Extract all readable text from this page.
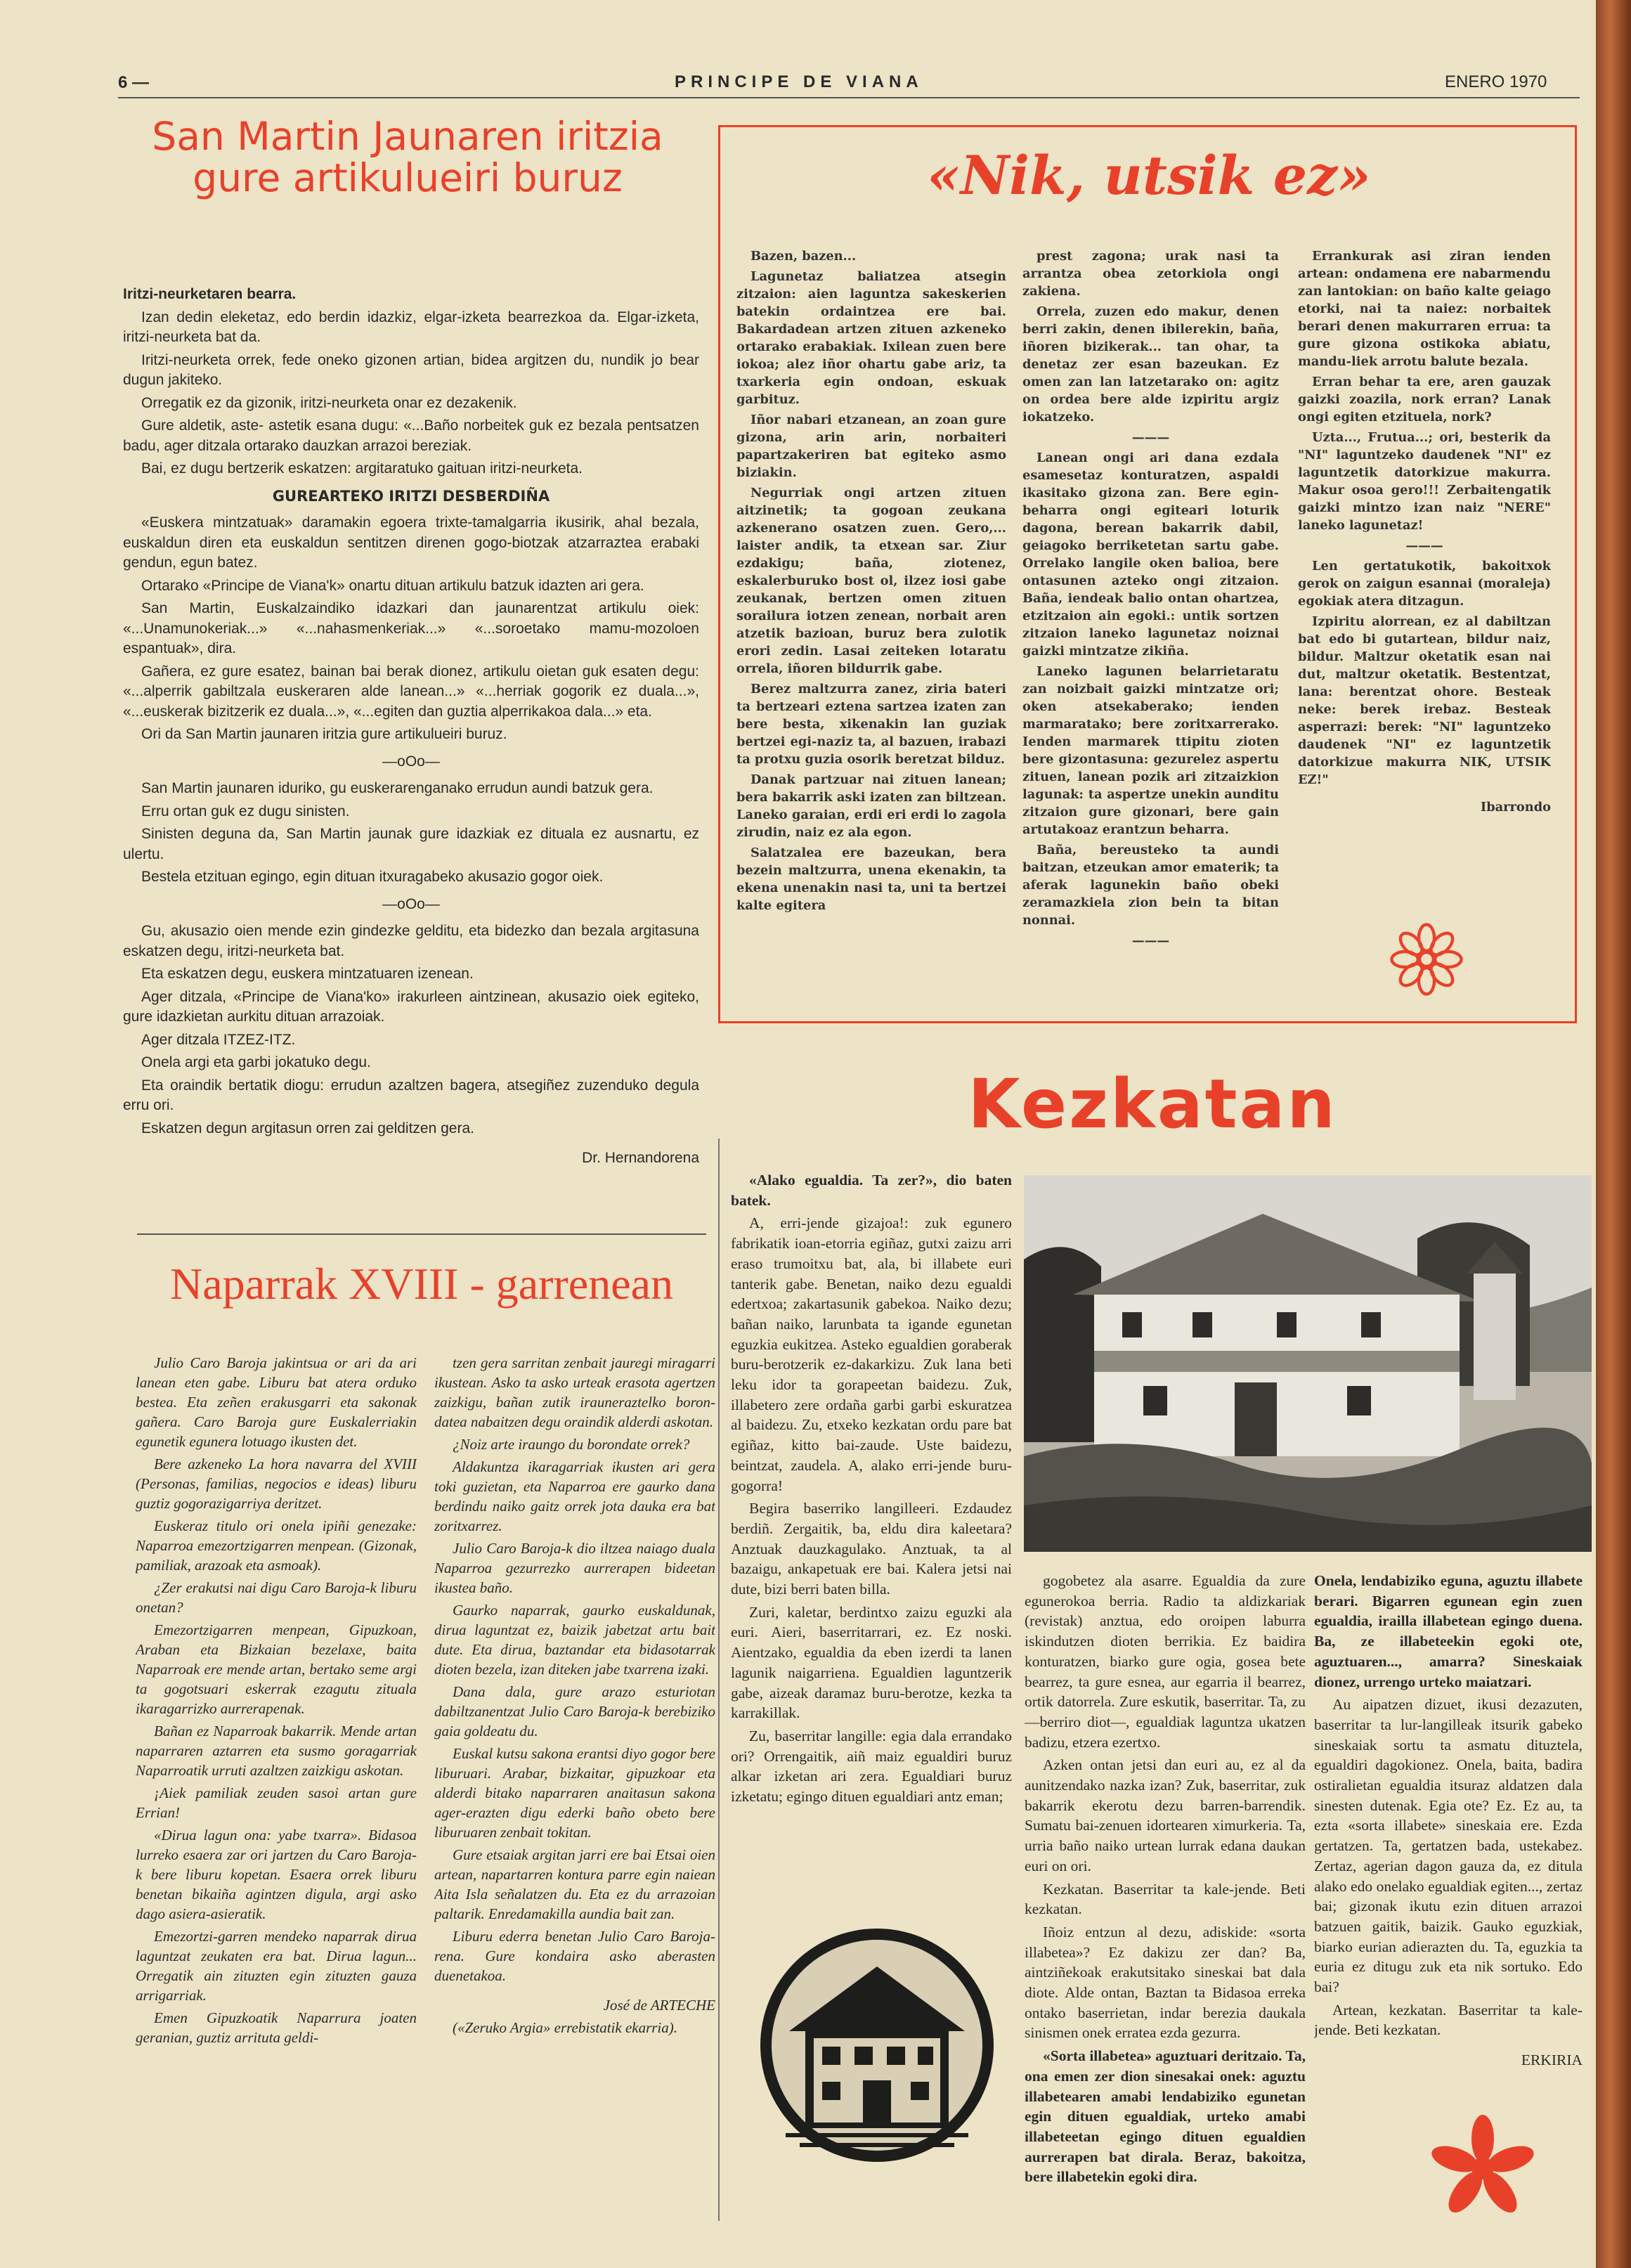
6 —	PRINCIPE DE VIANA	ENERO 1970
San Martin Jaunaren iritzia gure artikulueiri buruz

Iritzi-neurketaren bearra.

Izan dedin eleketaz, edo berdin idazkiz, elgar-izketa bearrezkoa da. Elgar-izketa, iritzi-neurketa bat da.

Iritzi-neurketa orrek, fede oneko gizonen artian, bidea argitzen du, nundik jo bear dugun jakiteko.

Orregatik ez da gizonik, iritzi-neurketa onar ez dezakenik.

Gure aldetik, aste- astetik esana dugu: «...Baño norbeitek guk ez bezala pentsatzen badu, ager ditzala ortarako dauzkan arrazoi bereziak.

Bai, ez dugu bertzerik eskatzen: argitaratuko gaituan iritzi-neurketa.

GUREARTEKO IRITZI DESBERDIÑA

«Euskera mintzatuak» daramakin egoera trixte-tamalgarria ikusirik, ahal bezala, euskaldun diren eta euskaldun sentitzen direnen gogo-biotzak atzarraztea erabaki gendun, egun batez.

Ortarako «Principe de Viana'k» onartu dituan artikulu batzuk idazten ari gera.

San Martin, Euskalzaindiko idazkari dan jaunarentzat artikulu oiek: «...Unamunokeriak...» «...nahasmenkeriak...» «...soroetako mamu-mozoloen espantuak», dira.

Gañera, ez gure esatez, bainan bai berak dionez, artikulu oietan guk esaten degu: «...alperrik gabiltzala euskeraren alde lanean...» «...herriak gogorik ez duala...», «...euskerak bizitzerik ez duala...», «...egiten dan guztia alperrikakoa dala...» eta.

Ori da San Martin jaunaren iritzia gure artikulueiri buruz.

—oOo—

San Martin jaunaren iduriko, gu euskerarenganako errudun aundi batzuk gera.

Erru ortan guk ez dugu sinisten.

Sinisten deguna da, San Martin jaunak gure idazkiak ez dituala ez ausnartu, ez ulertu.

Bestela etzituan egingo, egin dituan itxuragabeko akusazio gogor oiek.

—oOo—

Gu, akusazio oien mende ezin gindezke gelditu, eta bidezko dan bezala argitasuna eskatzen degu, iritzi-neurketa bat.

Eta eskatzen degu, euskera mintzatuaren izenean.

Ager ditzala, «Principe de Viana'ko» irakurleen aintzinean, akusazio oiek egiteko, gure idazkietan aurkitu dituan arrazoiak.

Ager ditzala ITZEZ-ITZ.

Onela argi eta garbi jokatuko degu.

Eta oraindik bertatik diogu: errudun azaltzen bagera, atsegiñez zuzenduko degula erru ori.

Eskatzen degun argitasun orren zai gelditzen gera.

Dr. Hernandorena

«Nik, utsik ez»

Bazen, bazen...

Lagunetaz baliatzea atsegin zitzaion: aien laguntza sakeskerien batekin ordaintzea ere bai. Bakardadean artzen zituen azkeneko ortarako erabakiak. Ixilean zuen bere iokoa; alez iñor ohartu gabe ariz, ta txarkeria egin ondoan, eskuak garbituz.

Iñor nabari etzanean, an zoan gure gizona, arin arin, norbaiteri papartzakeriren bat egiteko asmo biziakin.

Negurriak ongi artzen zituen aitzinetik; ta gogoan zeukana azkenerano osatzen zuen. Gero,... laister andik, ta etxean sar. Ziur ezdakigu; baña, ziotenez, eskalerburuko bost ol, ilzez iosi gabe zeukanak, bertzen omen zituen sorailura iotzen zenean, norbait aren atzetik bazioan, buruz bera zulotik erori zedin. Lasai zeiteken lotaratu orrela, iñoren bildurrik gabe.

Berez maltzurra zanez, ziria bateri ta bertzeari eztena sartzea izaten zan bere besta, xikenakin lan guziak bertzei egi-naziz ta, al bazuen, irabazi ta protxu guzia osorik beretzat bilduz.

Danak partzuar nai zituen lanean; bera bakarrik aski izaten zan biltzean. Laneko garaian, erdi eri erdi lo zagola zirudin, naiz ez ala egon.

Salatzalea ere bazeukan, bera bezein maltzurra, unena ekenakin, ta ekena unenakin nasi ta, uni ta bertzei kalte egitera

prest zagona; urak nasi ta arrantza obea zetorkiola ongi zakiena.

Orrela, zuzen edo makur, denen berri zakin, denen ibilerekin, baña, iñoren bizikerak... tan ohar, ta denetaz zer esan bazeukan. Ez omen zan lan latzetarako on: agitz on ordea bere alde izpiritu argiz iokatzeko.

———

Lanean ongi ari dana ezdala esamesetaz konturatzen, aspaldi ikasitako gizona zan. Bere egin-beharra ongi egiteari loturik dagona, berean bakarrik dabil, geiagoko berriketetan sartu gabe. Orrelako langile oken balioa, bere ontasunen azteko ongi zitzaion. Baña, iendeak balio ontan ohartzea, etzitzaion ain egoki.: untik sortzen zitzaion laneko lagunetaz noiznai gaizki mintzatze zikiña.

Laneko lagunen belarrietaratu zan noizbait gaizki mintzatze ori; oken atsekaberako; ienden marmaratako; bere zoritxarrerako. Ienden marmarek ttipitu zioten bere gizontasuna: gezurelez aspertu zituen, lanean pozik ari zitzaizkion lagunak: ta aspertze unekin aunditu zitzaion gure gizonari, bere gain artutakoaz erantzun beharra.

Baña, bereusteko ta aundi baitzan, etzeukan amor ematerik; ta aferak lagunekin baño obeki zeramazkiela zion bein ta bitan nonnai.

———

Errankurak asi ziran ienden artean: ondamena ere nabarmendu zan lantokian: on baño kalte geiago etorki, nai ta naiez: norbaitek berari denen makurraren errua: ta gure gizona ostikoka abiatu, mandu-liek arrotu balute bezala.

Erran behar ta ere, aren gauzak gaizki zoazila, nork erran? Lanak ongi egiten etzituela, nork?

Uzta..., Frutua...; ori, besterik da "NI" laguntzeko daudenek "NI" ez laguntzetik datorkizue makurra. Makur osoa gero!!! Zerbaitengatik gaizki mintzo izan naiz "NERE" laneko lagunetaz!

———

Len gertatukotik, bakoitxok gerok on zaigun esannai (moraleja) egokiak atera ditzagun.

Izpiritu alorrean, ez al dabiltzan bat edo bi gutartean, bildur naiz, bildur. Maltzur oketatik esan nai dut, maltzur oketatik. Bestentzat, lana: berentzat ohore. Besteak neke: berek irebaz. Besteak asperrazi: berek: "NI" laguntzeko daudenek "NI" ez laguntzetik datorkizue makurra NIK, UTSIK EZ!"

Ibarrondo

Naparrak XVIII - garrenean

Julio Caro Baroja jakintsua or ari da ari lanean eten gabe. Liburu bat atera orduko bestea. Eta zeñen erakusgarri eta sakonak gañera. Caro Baroja gure Euskalerriakin egunetik egunera lotuago ikusten det.

Bere azkeneko La hora navarra del XVIII (Personas, familias, negocios e ideas) liburu guztiz gogorazigarriya deritzet.

Euskeraz titulo ori onela ipiñi genezake: Naparroa emezortzigarren menpean. (Gizonak, pamiliak, arazoak eta asmoak).

¿Zer erakutsi nai digu Caro Baroja-k liburu onetan?

Emezortzigarren menpean, Gipuzkoan, Araban eta Bizkaian bezelaxe, baita Naparroak ere mende artan, bertako seme argi ta gogotsuari eskerrak ezagutu zituala ikaragarrizko aurrerapenak.

Bañan ez Naparroak bakarrik. Mende artan naparraren aztarren eta susmo goragarriak Naparroatik urruti azaltzen zaizkigu askotan.

¡Aiek pamiliak zeuden sasoi artan gure Errian!

«Dirua lagun ona: yabe txarra». Bidasoa lurreko esaera zar ori jartzen du Caro Baroja-k bere liburu kopetan. Esaera orrek liburu benetan bikaiña agintzen digula, argi asko dago asiera-asieratik.

Emezortzi-garren mendeko naparrak dirua laguntzat zeukaten era bat. Dirua lagun... Orregatik ain zituzten egin zituzten gauza arrigarriak.

Emen Gipuzkoatik Naparrura joaten geranian, guztiz arrituta geldi-

tzen gera sarritan zenbait jauregi miragarri ikustean. Asko ta asko urteak erasota agertzen zaizkigu, bañan zutik irauneraztelko boron-datea nabaitzen degu oraindik alderdi askotan.

¿Noiz arte iraungo du borondate orrek?

Aldakuntza ikaragarriak ikusten ari gera toki guzietan, eta Naparroa ere gaurko dana berdindu naiko gaitz orrek jota dauka era bat zoritxarrez.

Julio Caro Baroja-k dio iltzea naiago duala Naparroa gezurrezko aurrerapen bideetan ikustea baño.

Gaurko naparrak, gaurko euskaldunak, dirua laguntzat ez, baizik jabetzat artu bait dute. Eta dirua, baztandar eta bidasotarrak dioten bezela, izan diteken jabe txarrena izaki.

Dana dala, gure arazo esturiotan dabiltzanentzat Julio Caro Baroja-k berebiziko gaia goldeatu du.

Euskal kutsu sakona erantsi diyo gogor bere liburuari. Arabar, bizkaitar, gipuzkoar eta alderdi bitako naparraren anaitasun sakona ager-erazten digu ederki baño obeto bere liburuaren zenbait tokitan.

Gure etsaiak argitan jarri ere bai Etsai oien artean, napartarren kontura parre egin naiean Aita Isla señalatzen du. Eta ez du arrazoian paltarik. Enredamakilla aundia bait zan.

Liburu ederra benetan Julio Caro Baroja-rena. Gure kondaira asko aberasten duenetakoa.

José de ARTECHE

(«Zeruko Argia» errebistatik ekarria).

Kezkatan

«Alako egualdia. Ta zer?», dio baten batek.

A, erri-jende gizajoa!: zuk egunero fabrikatik ioan-etorria egiñaz, gutxi zaizu arri eraso trumoitxu bat, ala, bi illabete euri tanterik gabe. Benetan, naiko dezu egualdi edertxoa; zakartasunik gabekoa. Naiko dezu; bañan naiko, larunbata ta igande egunetan eguzkia eukitzea. Asteko egualdien goraberak buru-berotzerik ez-dakarkizu. Zuk lana beti leku idor ta gorapeetan baidezu. Zuk, illabetero zere ordaña garbi garbi eskuratzea al baidezu. Zu, etxeko kezkatan ordu pare bat egiñaz, kitto bai-zaude. Uste baidezu, beintzat, zaudela. A, alako erri-jende buru-gogorra!

Begira baserriko langilleeri. Ezdaudez berdiñ. Zergaitik, ba, eldu dira kaleetara? Anztuak dauzkagulako. Anztuak, ta al bazaigu, ankapetuak ere bai. Kalera jetsi nai dute, bizi berri baten billa.

Zuri, kaletar, berdintxo zaizu eguzki ala euri. Aieri, baserritarrari, ez. Ez noski. Aientzako, egualdia da eben izerdi ta lanen lagunik naigarriena. Egualdien laguntzerik gabe, aizeak daramaz buru-berotze, kezka ta karrakillak.

Zu, baserritar langille: egia dala errandako ori? Orrengaitik, aiñ maiz egualdiri buruz alkar izketan ari zera. Egualdiari buruz izketatu; egingo dituen egualdiari antz eman;

gogobetez ala asarre. Egualdia da zure egunerokoa berria. Radio ta aldizkariak (revistak) anztua, edo oroipen laburra iskindutzen dioten berrikia. Ez baidira konturatzen, biarko gure ogia, gosea bete bearrez, ta gure esnea, aur egarria il bearrez, ortik datorrela. Zure eskutik, baserritar. Ta, zu —berriro diot—, egualdiak laguntza ukatzen badizu, etzera ezertxo.

Azken ontan jetsi dan euri au, ez al da aunitzendako nazka izan? Zuk, baserritar, zuk bakarrik ekerotu dezu barren-barrendik. Sumatu bai-zenuen idortearen ximurkeria. Ta, urria baño naiko urtean lurrak edana daukan euri on ori.

Kezkatan. Baserritar ta kale-jende. Beti kezkatan.

Iñoiz entzun al dezu, adiskide: «sorta illabetea»? Ez dakizu zer dan? Ba, aintziñekoak erakutsitako sineskai bat dala diote. Alde ontan, Baztan ta Bidasoa erreka ontako baserrietan, indar berezia daukala sinismen onek erratea ezda gezurra.

«Sorta illabetea» aguztuari deritzaio. Ta, ona emen zer dion sinesakai onek: aguztu illabetearen amabi lendabiziko egunetan egin dituen egualdiak, urteko amabi illabeteetan egingo dituen egualdien aurrerapen bat dirala. Beraz, bakoitza, bere illabetekin egoki dira.

Onela, lendabiziko eguna, aguztu illabete berari. Bigarren egunean egin zuen egualdia, irailla illabetean egingo duena. Ba, ze illabeteekin egoki ote, aguztuaren..., amarra? Sineskaiak dionez, urrengo urteko maiatzari.

Au aipatzen dizuet, ikusi dezazuten, baserritar ta lur-langilleak itsurik gabeko sineskaiak sortu ta asmatu dituztela, egualdiri dagokionez. Onela, baita, badira ostiralietan egualdia itsuraz aldatzen dala sinesten dutenak. Egia ote? Ez. Ez au, ta ezta «sorta illabete» sineskaia ere. Ezda gertatzen. Ta, gertatzen bada, ustekabez. Zertaz, agerian dagon gauza da, ez ditula alako edo onelako egualdiak egiten..., zertaz bai; gizonak ikutu ezin dituen arrazoi batzuen gaitik, baizik. Gauko eguzkiak, biarko eurian adierazten du. Ta, eguzkia ta euria ez ditugu zuk eta nik sortuko. Edo bai?

Artean, kezkatan. Baserritar ta kale-jende. Beti kezkatan.

ERKIRIA
